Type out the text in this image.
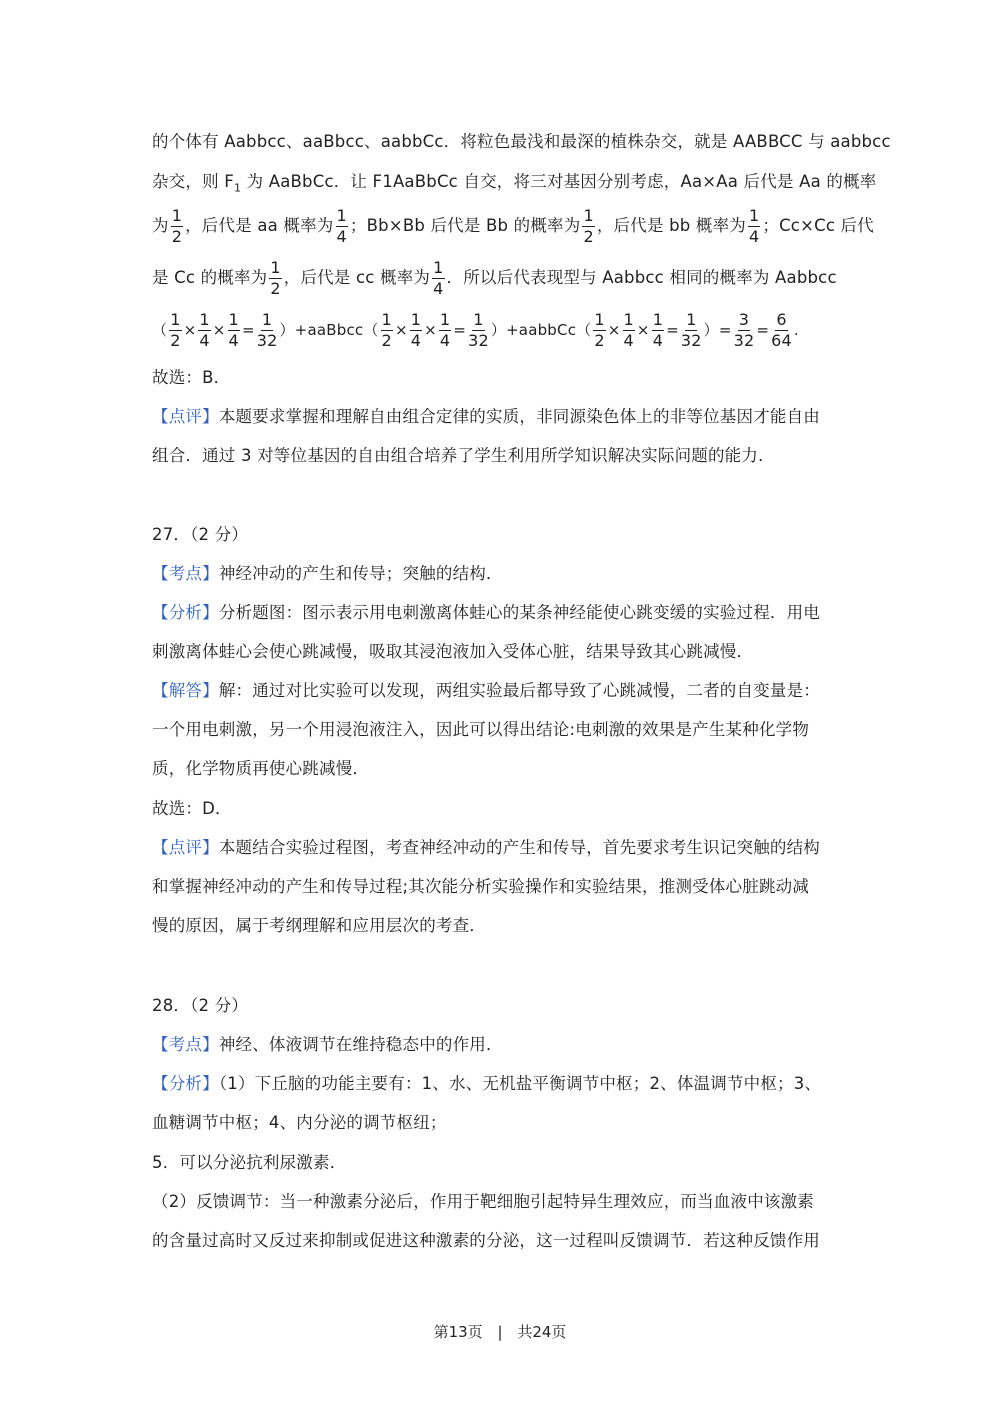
的个体有 Aabbcc、aaBbcc、aabbCc．将粒色最浅和最深的植株杂交，就是 AABBCC 与 aabbcc
杂交，则 $F_1$ 为 AaBbCc．让 F1AaBbCc 自交，将三对基因分别考虑，Aa×Aa 后代是 Aa 的概率
为 $\frac{1}{2}$ ，后代是 aa 概率为 $\frac{1}{4}$ ；Bb×Bb 后代是 Bb 的概率为 $\frac{1}{2}$ ，后代是 bb 概率为 $\frac{1}{4}$ ；Cc×Cc 后代
是 Cc 的概率为 $\frac{1}{2}$ ，后代是 cc 概率为 $\frac{1}{4}$ ．所以后代表现型与 Aabbcc 相同的概率为 Aabbcc
（ $\frac{1}{2} \times \frac{1}{4} \times \frac{1}{4} = \frac{1}{32}$ ）+aaBbcc（ $\frac{1}{2} \times \frac{1}{4} \times \frac{1}{4} = \frac{1}{32}$ ）+aabbCc（ $\frac{1}{2} \times \frac{1}{4} \times \frac{1}{4} = \frac{1}{32}$ ）= $\frac{3}{32} = \frac{6}{64}$ .
故选：B．
【点评】本题要求掌握和理解自由组合定律的实质，非同源染色体上的非等位基因才能自由
组合．通过 3 对等位基因的自由组合培养了学生利用所学知识解决实际问题的能力．
27．（2 分）
【考点】神经冲动的产生和传导；突触的结构．
【分析】分析题图：图示表示用电刺激离体蛙心的某条神经能使心跳变缓的实验过程．用电
刺激离体蛙心会使心跳减慢，吸取其浸泡液加入受体心脏，结果导致其心跳减慢．
【解答】解：通过对比实验可以发现，两组实验最后都导致了心跳减慢，二者的自变量是：
一个用电刺激，另一个用浸泡液注入，因此可以得出结论:电刺激的效果是产生某种化学物
质，化学物质再使心跳减慢．
故选：D．
【点评】本题结合实验过程图，考查神经冲动的产生和传导，首先要求考生识记突触的结构
和掌握神经冲动的产生和传导过程;其次能分析实验操作和实验结果，推测受体心脏跳动减
慢的原因，属于考纲理解和应用层次的考查．
28．（2 分）
【考点】神经、体液调节在维持稳态中的作用．
【分析】（1）下丘脑的功能主要有：1、水、无机盐平衡调节中枢；2、体温调节中枢；3、
血糖调节中枢；4、内分泌的调节枢纽；
5．可以分泌抗利尿激素．
（2）反馈调节：当一种激素分泌后，作用于靶细胞引起特异生理效应，而当血液中该激素
的含量过高时又反过来抑制或促进这种激素的分泌，这一过程叫反馈调节．若这种反馈作用
第13页 | 共24页
